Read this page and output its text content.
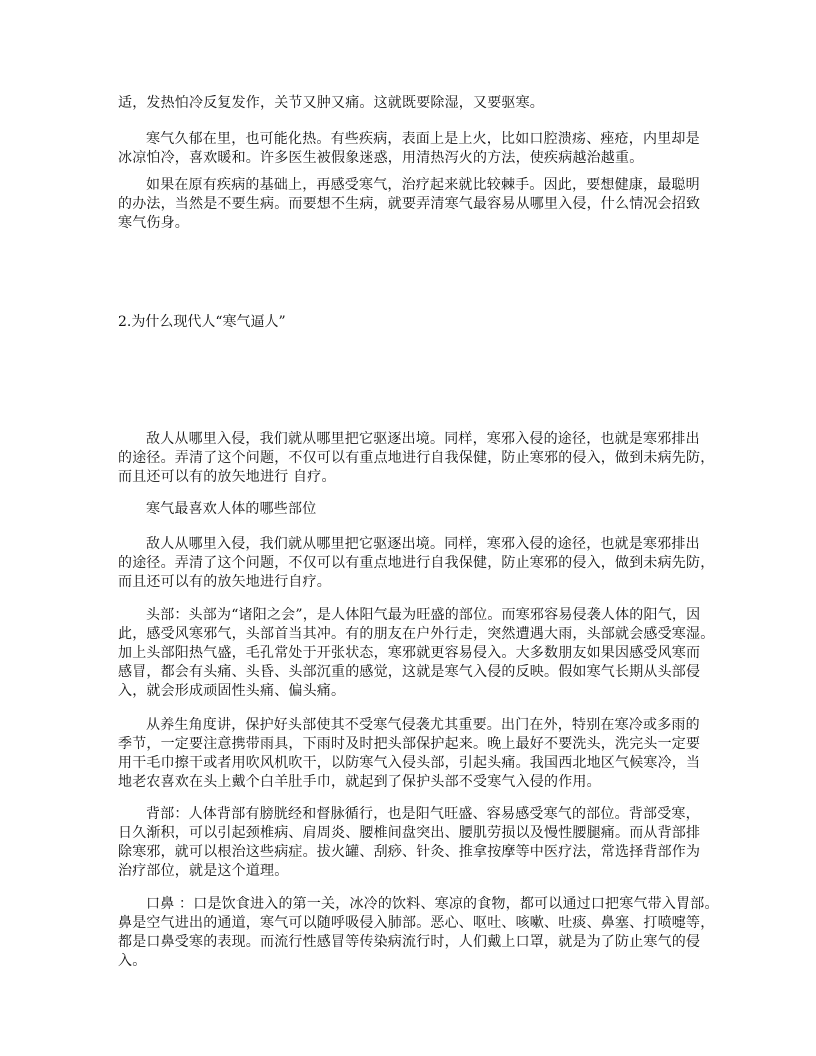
适，发热怕冷反复发作，关节又肿又痛。这就既要除湿，又要驱寒。
寒气久郁在里，也可能化热。有些疾病，表面上是上火，比如口腔溃疡、痤疮，内里却是
冰凉怕冷，喜欢暖和。许多医生被假象迷惑，用清热泻火的方法，使疾病越治越重。
如果在原有疾病的基础上，再感受寒气，治疗起来就比较棘手。因此，要想健康，最聪明
的办法，当然是不要生病。而要想不生病，就要弄清寒气最容易从哪里入侵，什么情况会招致
寒气伤身。
敌人从哪里入侵，我们就从哪里把它驱逐出境。同样，寒邪入侵的途径，也就是寒邪排出
的途径。弄清了这个问题，不仅可以有重点地进行自我保健，防止寒邪的侵入，做到未病先防，
而且还可以有的放矢地进行 自疗。
寒气最喜欢人体的哪些部位
敌人从哪里入侵，我们就从哪里把它驱逐出境。同样，寒邪入侵的途径，也就是寒邪排出
的途径。弄清了这个问题，不仅可以有重点地进行自我保健，防止寒邪的侵入，做到未病先防，
而且还可以有的放矢地进行自疗。
头部：头部为“诸阳之会”，是人体阳气最为旺盛的部位。而寒邪容易侵袭人体的阳气，因
此，感受风寒邪气，头部首当其冲。有的朋友在户外行走，突然遭遇大雨，头部就会感受寒湿。
加上头部阳热气盛，毛孔常处于开张状态，寒邪就更容易侵入。大多数朋友如果因感受风寒而
感冒，都会有头痛、头昏、头部沉重的感觉，这就是寒气入侵的反映。假如寒气长期从头部侵
入，就会形成顽固性头痛、偏头痛。
从养生角度讲，保护好头部使其不受寒气侵袭尤其重要。出门在外，特别在寒冷或多雨的
季节，一定要注意携带雨具，下雨时及时把头部保护起来。晚上最好不要洗头，洗完头一定要
用干毛巾擦干或者用吹风机吹干，以防寒气入侵头部，引起头痛。我国西北地区气候寒冷，当
地老农喜欢在头上戴个白羊肚手巾，就起到了保护头部不受寒气入侵的作用。
背部：人体背部有膀胱经和督脉循行，也是阳气旺盛、容易感受寒气的部位。背部受寒，
日久渐积，可以引起颈椎病、肩周炎、腰椎间盘突出、腰肌劳损以及慢性腰腿痛。而从背部排
除寒邪，就可以根治这些病症。拔火罐、刮痧、针灸、推拿按摩等中医疗法，常选择背部作为
治疗部位，就是这个道理。
口鼻 ：口是饮食进入的第一关，冰冷的饮料、寒凉的食物，都可以通过口把寒气带入胃部。
鼻是空气进出的通道，寒气可以随呼吸侵入肺部。恶心、呕吐、咳嗽、吐痰、鼻塞、打喷嚏等，
都是口鼻受寒的表现。而流行性感冒等传染病流行时，人们戴上口罩，就是为了防止寒气的侵
入。
2.为什么现代人“寒气逼人”
